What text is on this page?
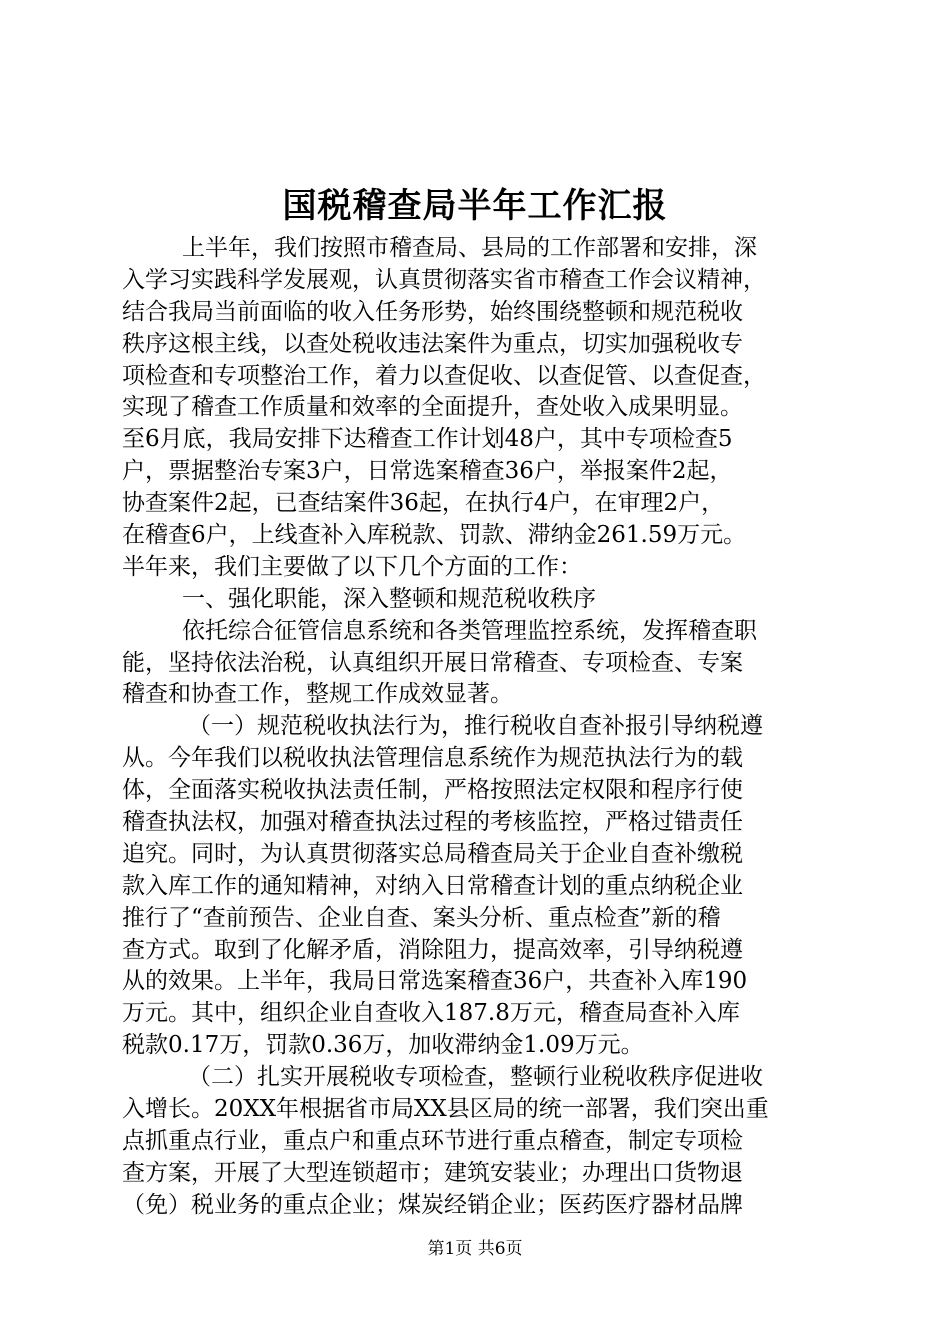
国税稽查局半年工作汇报
上半年，我们按照市稽查局、县局的工作部署和安排，深
入学习实践科学发展观，认真贯彻落实省市稽查工作会议精神，
结合我局当前面临的收入任务形势，始终围绕整顿和规范税收
秩序这根主线，以查处税收违法案件为重点，切实加强税收专
项检查和专项整治工作，着力以查促收、以查促管、以查促查，
实现了稽查工作质量和效率的全面提升，查处收入成果明显。
至6月底，我局安排下达稽查工作计划48户，其中专项检查5
户，票据整治专案3户，日常选案稽查36户，举报案件2起，
协查案件2起，已查结案件36起，在执行4户，在审理2户，
在稽查6户，上线查补入库税款、罚款、滞纳金261.59万元。
半年来，我们主要做了以下几个方面的工作：
一、强化职能，深入整顿和规范税收秩序
依托综合征管信息系统和各类管理监控系统，发挥稽查职
能，坚持依法治税，认真组织开展日常稽查、专项检查、专案
稽查和协查工作，整规工作成效显著。
（一）规范税收执法行为，推行税收自查补报引导纳税遵
从。今年我们以税收执法管理信息系统作为规范执法行为的载
体，全面落实税收执法责任制，严格按照法定权限和程序行使
稽查执法权，加强对稽查执法过程的考核监控，严格过错责任
追究。同时，为认真贯彻落实总局稽查局关于企业自查补缴税
款入库工作的通知精神，对纳入日常稽查计划的重点纳税企业
推行了“查前预告、企业自查、案头分析、重点检查”新的稽
查方式。取到了化解矛盾，消除阻力，提高效率，引导纳税遵
从的效果。上半年，我局日常选案稽查36户，共查补入库190
万元。其中，组织企业自查收入187.8万元，稽查局查补入库
税款0.17万，罚款0.36万，加收滞纳金1.09万元。
（二）扎实开展税收专项检查，整顿行业税收秩序促进收
入增长。20XX年根据省市局XX县区局的统一部署，我们突出重
点抓重点行业，重点户和重点环节进行重点稽查，制定专项检
查方案，开展了大型连锁超市；建筑安装业；办理出口货物退
（免）税业务的重点企业；煤炭经销企业；医药医疗器材品牌
第1页 共6页
